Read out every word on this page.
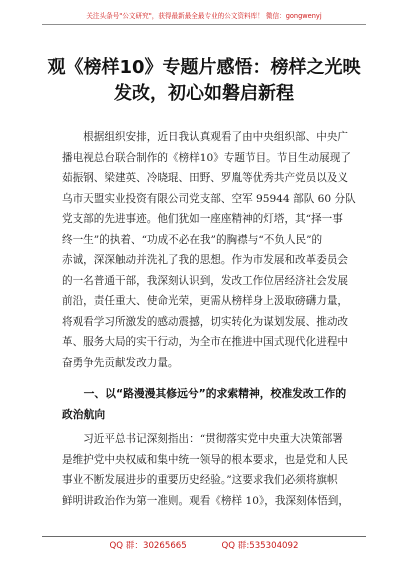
关注头条号"公文研究"，获得最新最全最专业的公文资料库！ 微信：gongwenyj
观《榜样10》专题片感悟：榜样之光映
发改，初心如磐启新程
　　根据组织安排，近日我认真观看了由中央组织部、中央广
播电视总台联合制作的《榜样10》专题节目。节目生动展现了
茹振钢、梁建英、冷晓琨、田野、罗胤等优秀共产党员以及义
乌市天盟实业投资有限公司党支部、空军 95944 部队 60 分队
党支部的先进事迹。他们犹如一座座精神的灯塔，其“择一事
终一生”的执着、“功成不必在我”的胸襟与“不负人民”的
赤诚，深深触动并洗礼了我的思想。作为市发展和改革委员会
的一名普通干部，我深刻认识到，发改工作位居经济社会发展
前沿，责任重大、使命光荣，更需从榜样身上汲取磅礴力量，
将观看学习所激发的感动震撼，切实转化为谋划发展、推动改
革、服务大局的实干行动，为全市在推进中国式现代化进程中
奋勇争先贡献发改力量。
　　一、以“路漫漫其修远兮”的求索精神，校准发改工作的
政治航向
　　习近平总书记深刻指出：“贯彻落实党中央重大决策部署
是维护党中央权威和集中统一领导的根本要求，也是党和人民
事业不断发展进步的重要历史经验。”这要求我们必须将旗帜
鲜明讲政治作为第一准则。观看《榜样 10》，我深刻体悟到，
QQ 群：30265665	QQ 群:535304092
